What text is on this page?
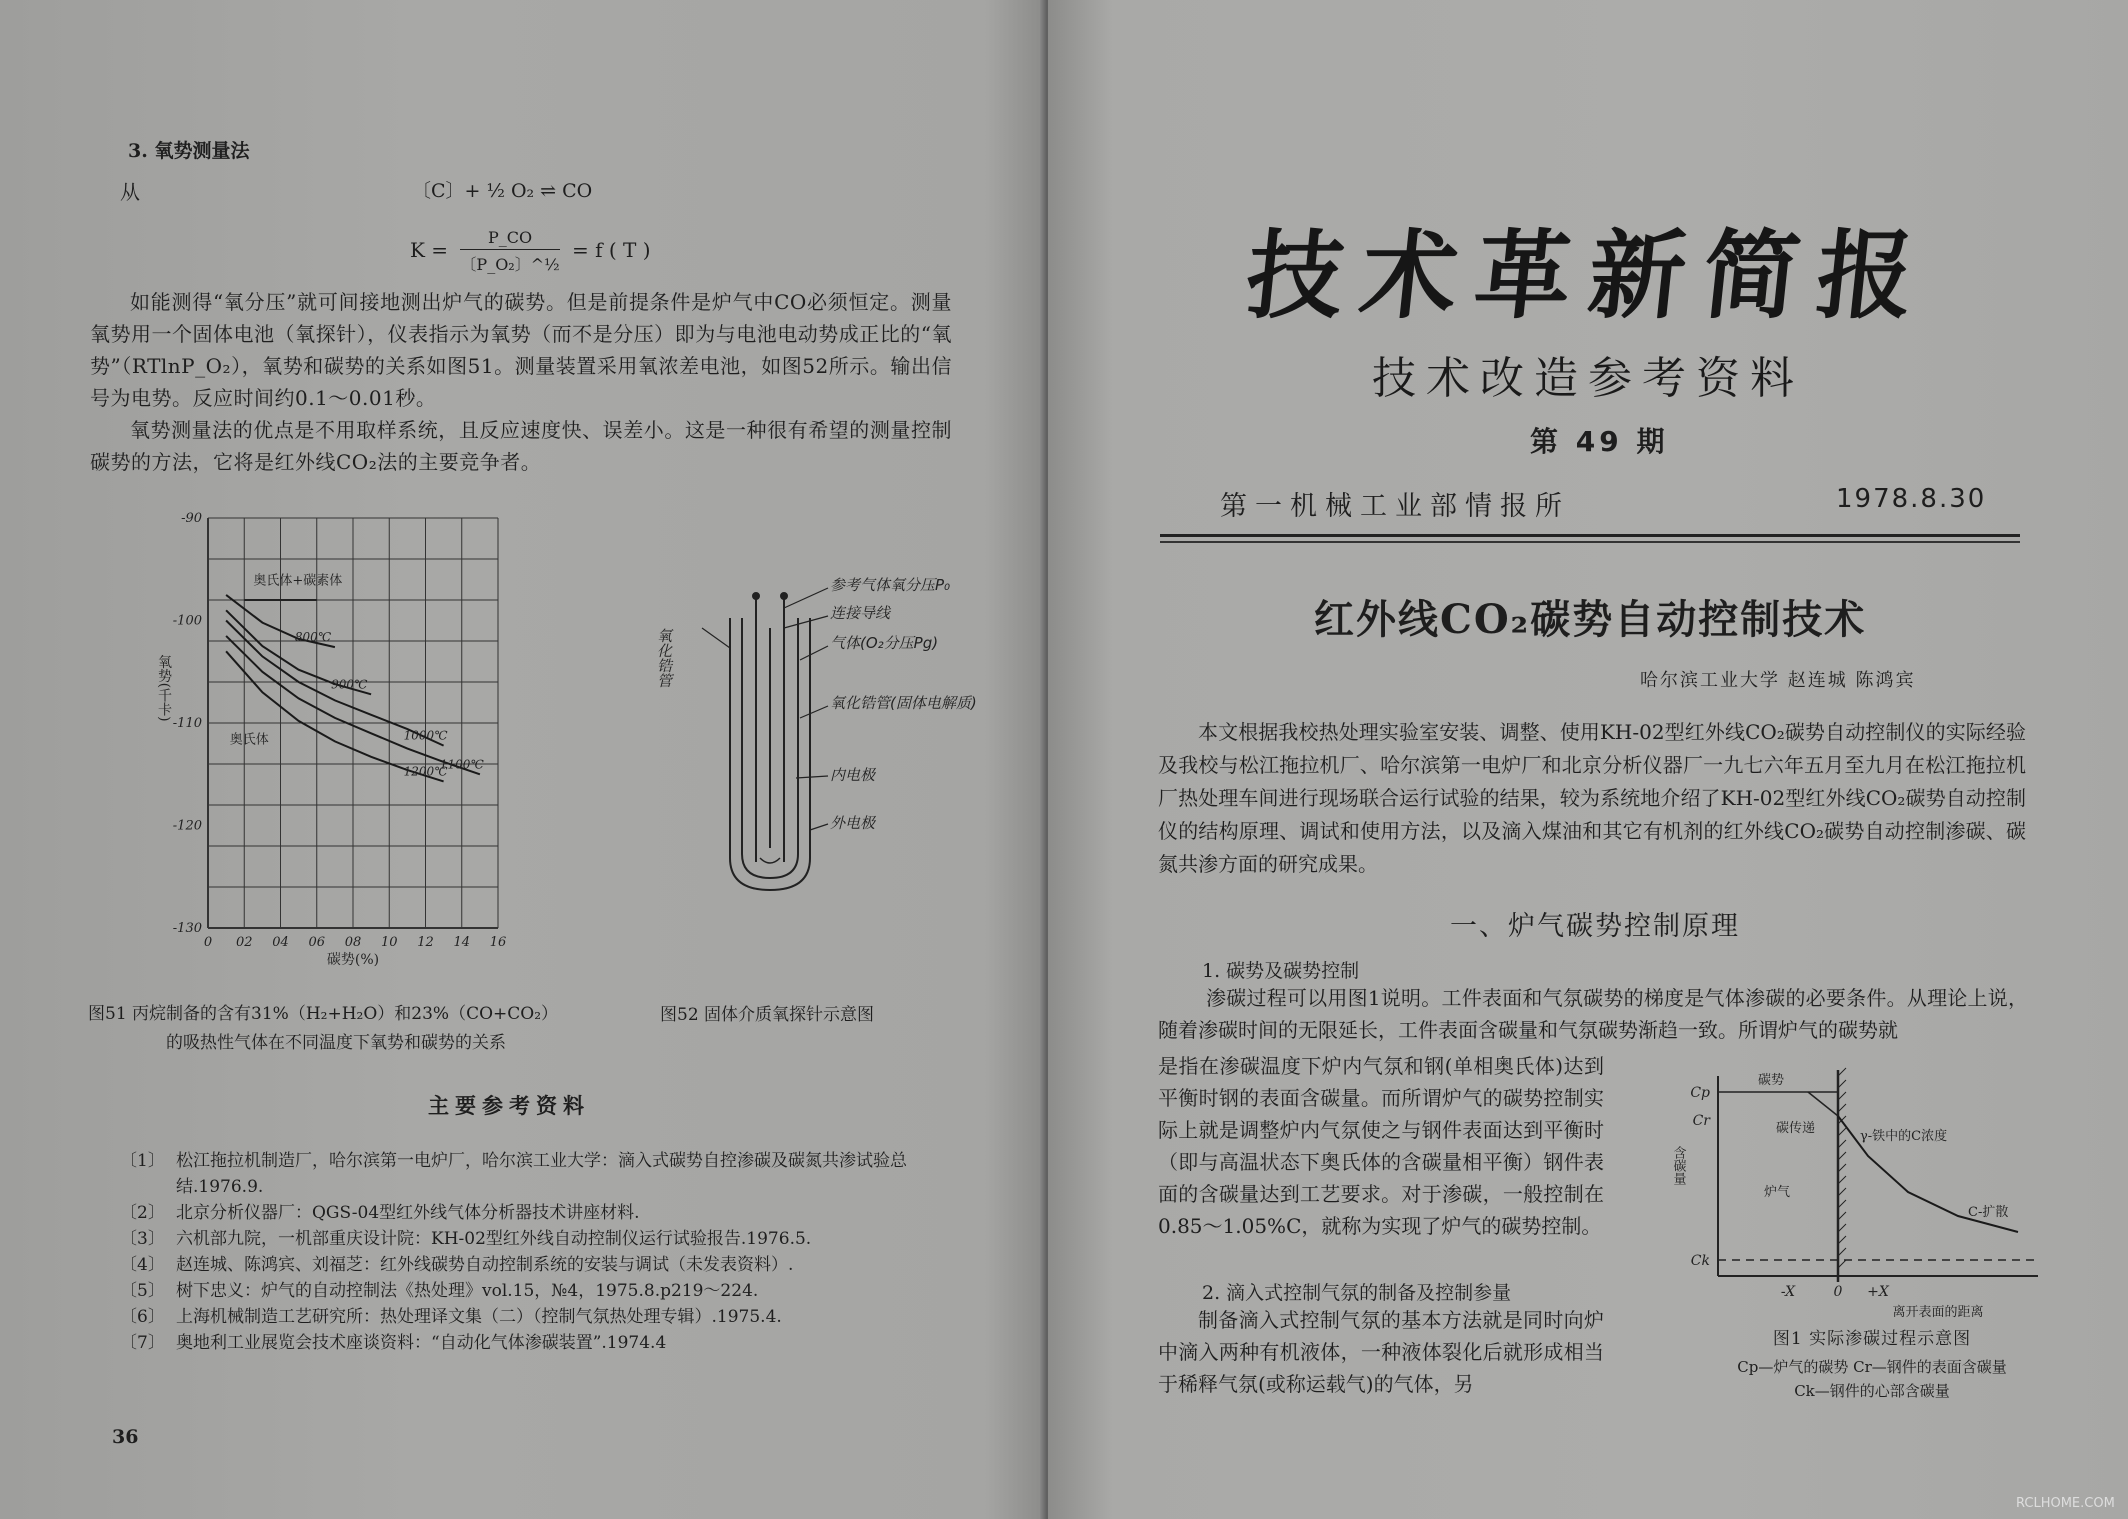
3. 氧势测量法
从	〔C〕+ ½ O₂ ⇌ CO
$K = \frac{P\_CO}{\text{〔P\_O₂〕\textasciicircum{}½}} = f$ ( T )

如能测得“氧分压”就可间接地测出炉气的碳势。但是前提条件是炉气中CO必须恒定。测量氧势用一个固体电池（氧探针），仪表指示为氧势（而不是分压）即为与电池电动势成正比的“氧势”（RTlnP_O₂），氧势和碳势的关系如图51。测量装置采用氧浓差电池，如图52所示。输出信号为电势。反应时间约0.1～0.01秒。

氧势测量法的优点是不用取样系统，且反应速度快、误差小。这是一种很有希望的测量控制碳势的方法，它将是红外线CO₂法的主要竞争者。

0 02 04 06 08 10 12 14 16
-90
-100
-110
-120
-130
碳势(%)
氧势(千卡)
奥氏体+碳素体
奥氏体
800℃
900℃
1000℃
1100℃
1200℃
氧化锆管
参考气体氧分压P₀
连接导线
气体(O₂分压Pg)
氧化锆管(固体电解质)
内电极
外电极
图51 丙烷制备的含有31%（H₂+H₂O）和23%（CO+CO₂）
的吸热性气体在不同温度下氧势和碳势的关系
图52 固体介质氧探针示意图
主要参考资料
〔1〕 松江拖拉机制造厂，哈尔滨第一电炉厂，哈尔滨工业大学：滴入式碳势自控渗碳及碳氮共渗试验总结.1976.9.
〔2〕 北京分析仪器厂：QGS-04型红外线气体分析器技术讲座材料.
〔3〕 六机部九院，一机部重庆设计院：KH-02型红外线自动控制仪运行试验报告.1976.5.
〔4〕 赵连城、陈鸿宾、刘福芝：红外线碳势自动控制系统的安装与调试（未发表资料）.
〔5〕 树下忠义：炉气的自动控制法《热处理》vol.15，№4，1975.8.p219～224.
〔6〕 上海机械制造工艺研究所：热处理译文集（二）（控制气氛热处理专辑）.1975.4.
〔7〕 奥地利工业展览会技术座谈资料：“自动化气体渗碳装置”.1974.4
36
技术革新简报
技术改造参考资料
第 49 期
第一机械工业部情报所	1978.8.30
红外线CO₂碳势自动控制技术
哈尔滨工业大学 赵连城 陈鸿宾

本文根据我校热处理实验室安装、调整、使用KH-02型红外线CO₂碳势自动控制仪的实际经验及我校与松江拖拉机厂、哈尔滨第一电炉厂和北京分析仪器厂一九七六年五月至九月在松江拖拉机厂热处理车间进行现场联合运行试验的结果，较为系统地介绍了KH-02型红外线CO₂碳势自动控制仪的结构原理、调试和使用方法，以及滴入煤油和其它有机剂的红外线CO₂碳势自动控制渗碳、碳氮共渗方面的研究成果。

一、炉气碳势控制原理
1. 碳势及碳势控制

渗碳过程可以用图1说明。工件表面和气氛碳势的梯度是气体渗碳的必要条件。从理论上说，随着渗碳时间的无限延长，工件表面含碳量和气氛碳势渐趋一致。所谓炉气的碳势就

是指在渗碳温度下炉内气氛和钢(单相奥氏体)达到平衡时钢的表面含碳量。而所谓炉气的碳势控制实际上就是调整炉内气氛使之与钢件表面达到平衡时（即与高温状态下奥氏体的含碳量相平衡）钢件表面的含碳量达到工艺要求。对于渗碳，一般控制在0.85～1.05%C，就称为实现了炉气的碳势控制。

2. 滴入式控制气氛的制备及控制参量

制备滴入式控制气氛的基本方法就是同时向炉中滴入两种有机液体，一种液体裂化后就形成相当于稀释气氛(或称运载气)的气体，另

Cp
Cr
Ck
-X	0 +X
离开表面的距离
含碳量
碳势
碳传递
γ-铁中的C浓度
C-扩散
炉气
图1 实际渗碳过程示意图
Cp—炉气的碳势 Cr—钢件的表面含碳量
Ck—钢件的心部含碳量
RCLHOME.COM
